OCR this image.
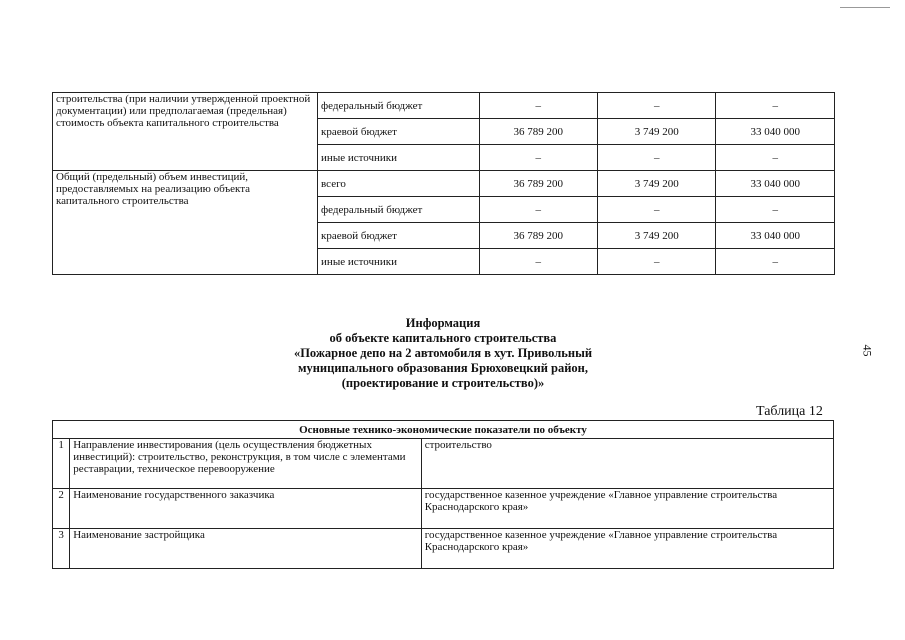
45
строительства (при наличии утвержденной проектной документации) или предполагаемая (предельная) стоимость объекта капитального строительства	федеральный бюджет	–	–	–
	краевой бюджет	36 789 200	3 749 200	33 040 000
	иные источники	–	–	–
Общий (предельный) объем инвестиций, предоставляемых на реализацию объекта капитального строительства	всего	36 789 200	3 749 200	33 040 000
	федеральный бюджет	–	–	–
	краевой бюджет	36 789 200	3 749 200	33 040 000
	иные источники	–	–	–
Информация
об объекте капитального строительства
«Пожарное депо на 2 автомобиля в хут. Привольный
муниципального образования Брюховецкий район,
(проектирование и строительство)»
Таблица 12
Основные технико-экономические показатели по объекту		
1	Направление инвестирования (цель осуществления бюджетных инвестиций): строительство, реконструкция, в том числе с элементами реставрации, техническое перевооружение	строительство
2	Наименование государственного заказчика	государственное казенное учреждение «Главное управление строительства Краснодарского края»
3	Наименование застройщика	государственное казенное учреждение «Главное управление строительства Краснодарского края»
